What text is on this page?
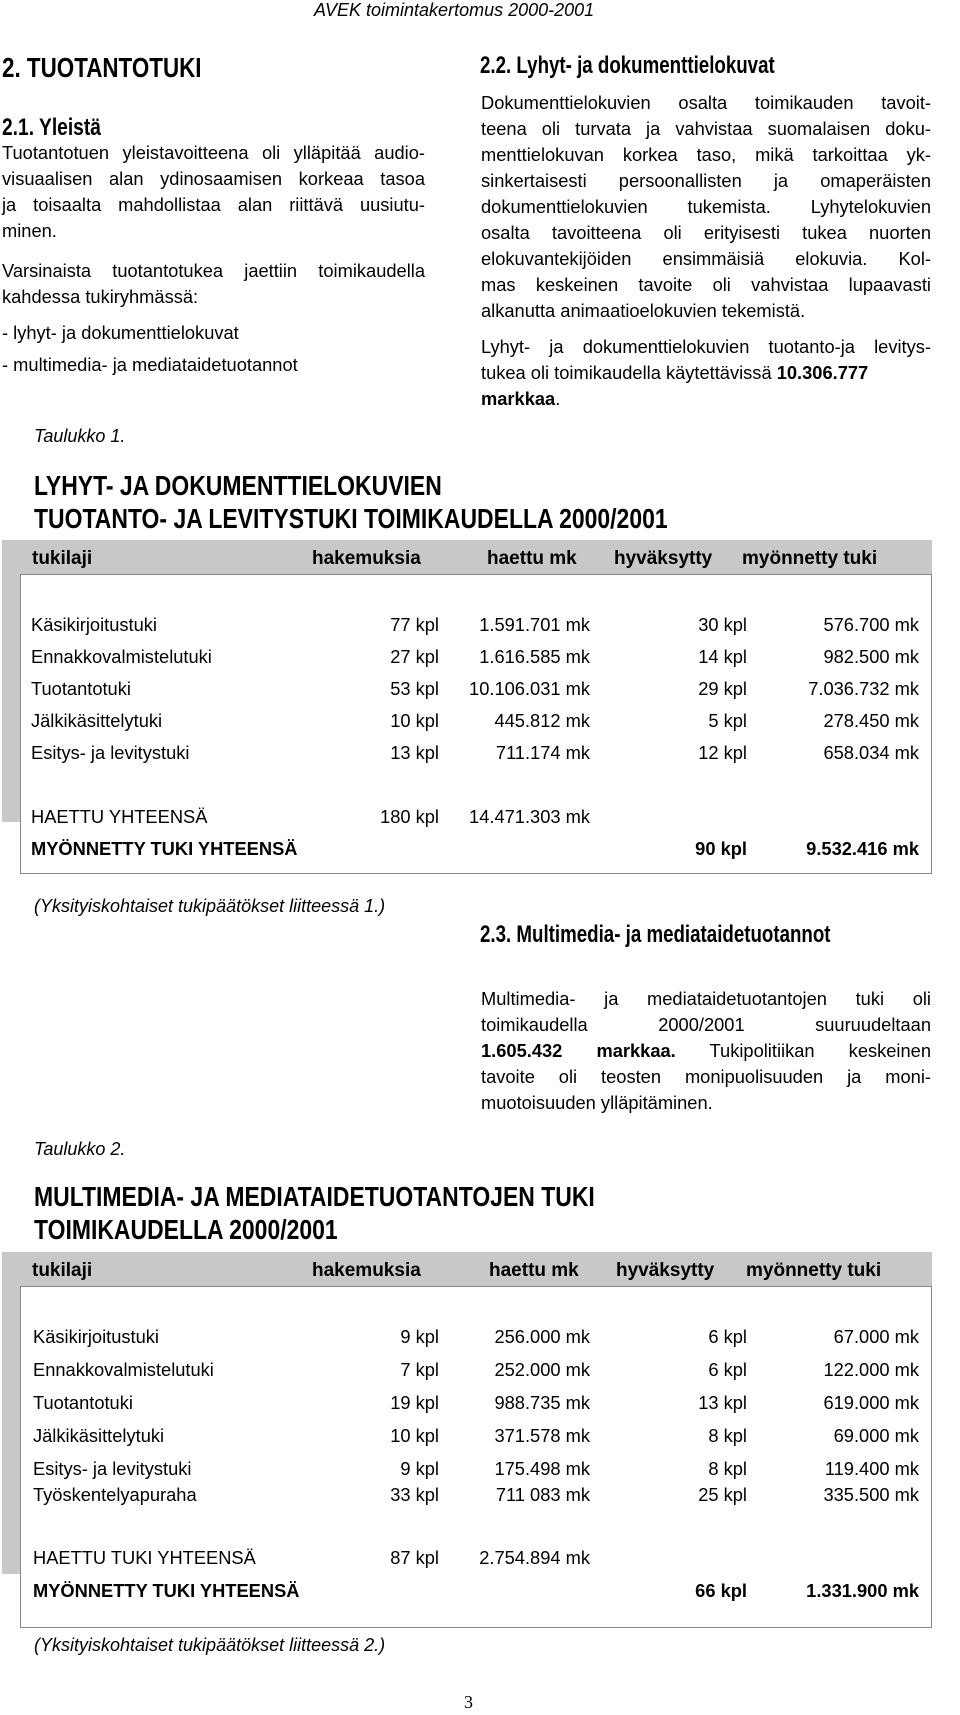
AVEK toimintakertomus 2000-2001
2. TUOTANTOTUKI
2.1. Yleistä

Tuotantotuen yleistavoitteena oli ylläpitää audio-

visuaalisen alan ydinosaamisen korkeaa tasoa

ja toisaalta mahdollistaa alan riittävä uusiutu-

minen.

Varsinaista tuotantotukea jaettiin toimikaudella

kahdessa tukiryhmässä:

- lyhyt- ja dokumenttielokuvat
- multimedia- ja mediataidetuotannot
Taulukko 1.
2.2. Lyhyt- ja dokumenttielokuvat

Dokumenttielokuvien osalta toimikauden tavoit-

teena oli turvata ja vahvistaa suomalaisen doku-

menttielokuvan korkea taso, mikä tarkoittaa yk-

sinkertaisesti persoonallisten ja omaperäisten

dokumenttielokuvien tukemista. Lyhytelokuvien

osalta tavoitteena oli erityisesti tukea nuorten

elokuvantekijöiden ensimmäisiä elokuvia. Kol-

mas keskeinen tavoite oli vahvistaa lupaavasti

alkanutta animaatioelokuvien tekemistä.

Lyhyt- ja dokumenttielokuvien tuotanto-ja levitys-

tukea oli toimikaudella käytettävissä 10.306.777

markkaa.

LYHYT- JA DOKUMENTTIELOKUVIEN
TUOTANTO- JA LEVITYSTUKI TOIMIKAUDELLA 2000/2001
tukilaji	hakemuksia	haettu mk hyväksytty myönnetty tuki
Käsikirjoitustuki	77 kpl 1.591.701 mk	30 kpl	576.700 mk
Ennakkovalmistelutuki	27 kpl 1.616.585 mk	14 kpl	982.500 mk
Tuotantotuki	53 kpl 10.106.031 mk	29 kpl	7.036.732 mk
Jälkikäsittelytuki	10 kpl	445.812 mk	5 kpl	278.450 mk
Esitys- ja levitystuki	13 kpl	711.174 mk	12 kpl	658.034 mk
HAETTU YHTEENSÄ	180 kpl 14.471.303 mk
MYÖNNETTY TUKI YHTEENSÄ	90 kpl	9.532.416 mk
(Yksityiskohtaiset tukipäätökset liitteessä 1.)
2.3. Multimedia- ja mediataidetuotannot

Multimedia- ja mediataidetuotantojen tuki oli

toimikaudella 2000/2001 suuruudeltaan

1.605.432 markkaa. Tukipolitiikan keskeinen

tavoite oli teosten monipuolisuuden ja moni-

muotoisuuden ylläpitäminen.

Taulukko 2.
MULTIMEDIA- JA MEDIATAIDETUOTANTOJEN TUKI
TOIMIKAUDELLA 2000/2001
tukilaji	hakemuksia	haettu mk hyväksytty myönnetty tuki
Käsikirjoitustuki	9 kpl	256.000 mk	6 kpl	67.000 mk
Ennakkovalmistelutuki	7 kpl	252.000 mk	6 kpl	122.000 mk
Tuotantotuki	19 kpl	988.735 mk	13 kpl	619.000 mk
Jälkikäsittelytuki	10 kpl	371.578 mk	8 kpl	69.000 mk
Esitys- ja levitystuki	9 kpl	175.498 mk	8 kpl	119.400 mk
Työskentelyapuraha	33 kpl	711 083 mk	25 kpl	335.500 mk
HAETTU TUKI YHTEENSÄ	87 kpl 2.754.894 mk
MYÖNNETTY TUKI YHTEENSÄ	66 kpl	1.331.900 mk
(Yksityiskohtaiset tukipäätökset liitteessä 2.)
3
